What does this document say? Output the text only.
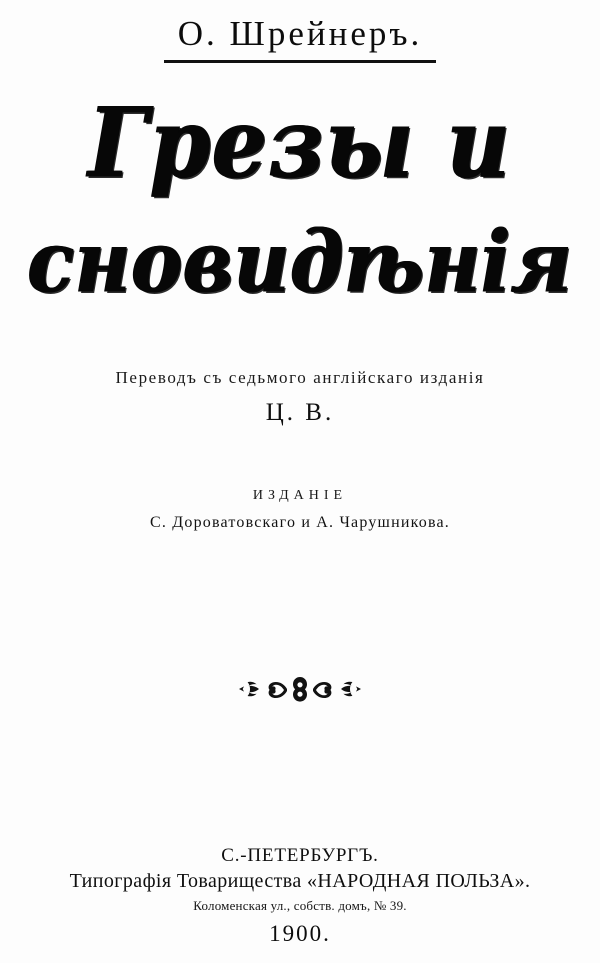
О. Шрейнеръ.
Грезы и
сновидѣнія
Переводъ съ седьмого англійскаго изданія
Ц. В.
ИЗДАНІЕ
С. Дороватовскаго и А. Чарушникова.
С.-ПЕТЕРБУРГЪ.
Типографія Товарищества «НАРОДНАЯ ПОЛЬЗА».
Коломенская ул., собств. домъ, № 39.
1900.
